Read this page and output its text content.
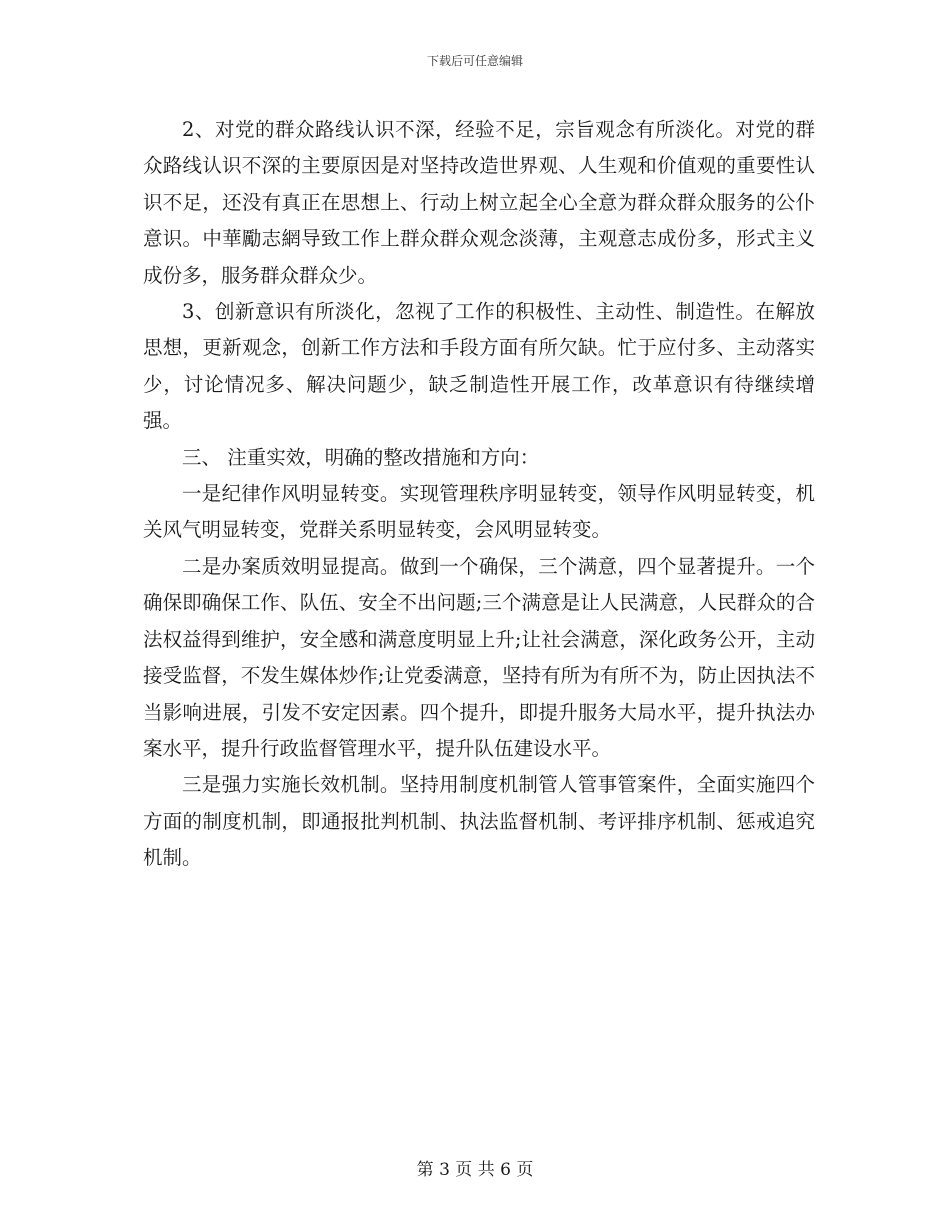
下载后可任意编辑

2、对党的群众路线认识不深，经验不足，宗旨观念有所淡化。对党的群众路线认识不深的主要原因是对坚持改造世界观、人生观和价值观的重要性认识不足，还没有真正在思想上、行动上树立起全心全意为群众群众服务的公仆意识。中華勵志網导致工作上群众群众观念淡薄，主观意志成份多，形式主义成份多，服务群众群众少。

3、创新意识有所淡化，忽视了工作的积极性、主动性、制造性。在解放思想，更新观念，创新工作方法和手段方面有所欠缺。忙于应付多、主动落实少，讨论情况多、解决问题少，缺乏制造性开展工作，改革意识有待继续增强。

三、 注重实效，明确的整改措施和方向：

一是纪律作风明显转变。实现管理秩序明显转变，领导作风明显转变，机关风气明显转变，党群关系明显转变，会风明显转变。

二是办案质效明显提高。做到一个确保，三个满意，四个显著提升。一个确保即确保工作、队伍、安全不出问题;三个满意是让人民满意，人民群众的合法权益得到维护，安全感和满意度明显上升;让社会满意，深化政务公开，主动接受监督，不发生媒体炒作;让党委满意，坚持有所为有所不为，防止因执法不当影响进展，引发不安定因素。四个提升，即提升服务大局水平，提升执法办案水平，提升行政监督管理水平，提升队伍建设水平。

三是强力实施长效机制。坚持用制度机制管人管事管案件，全面实施四个方面的制度机制，即通报批判机制、执法监督机制、考评排序机制、惩戒追究机制。

第 3 页 共 6 页
